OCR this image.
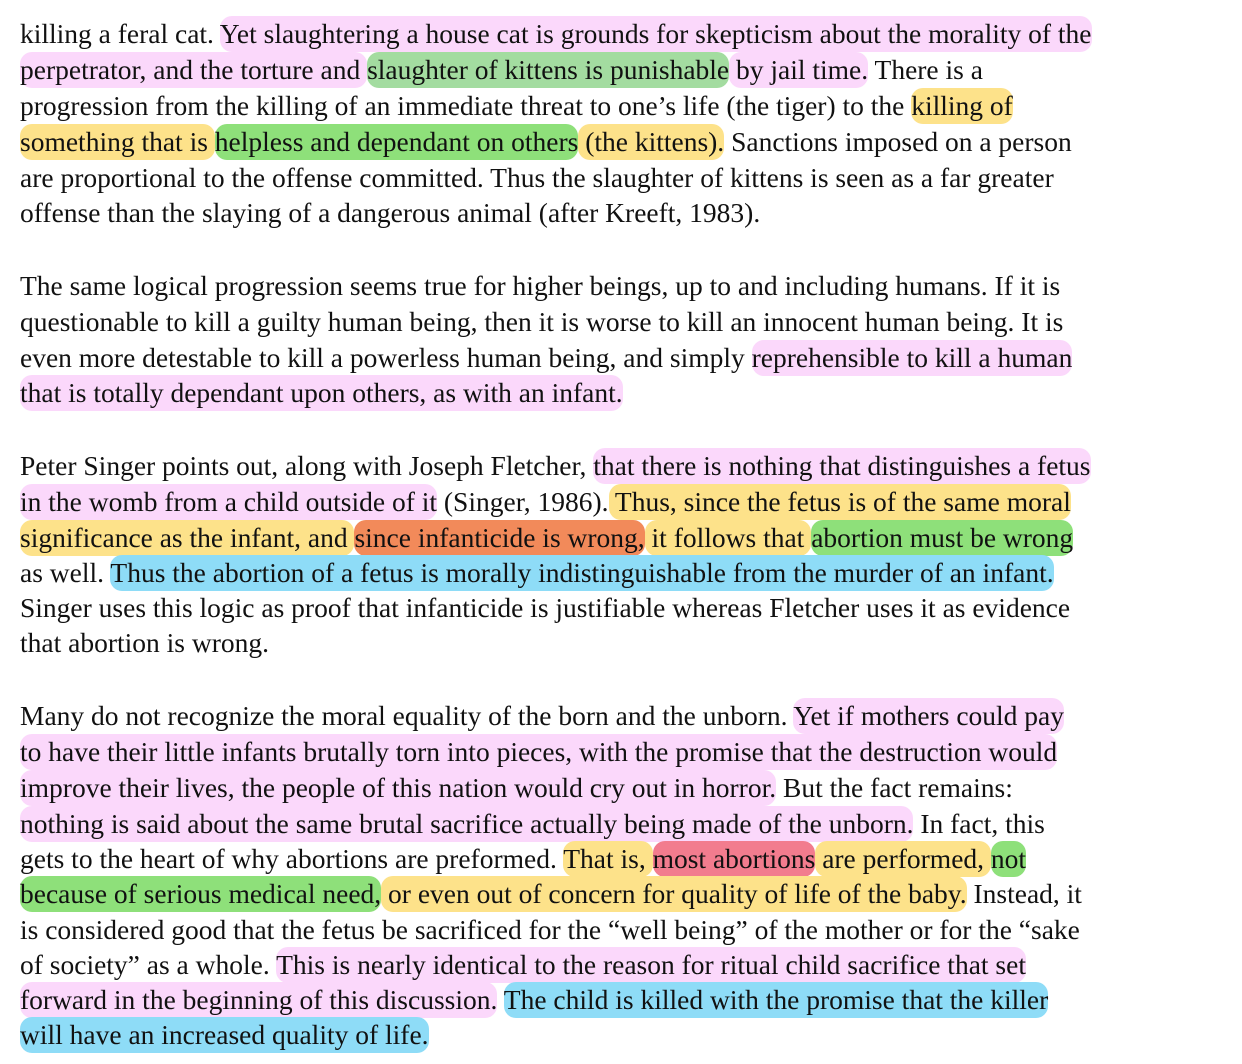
killing a feral cat. Yet slaughtering a house cat is grounds for skepticism about the morality of the
perpetrator, and the torture and slaughter of kittens is punishable by jail time. There is a
progression from the killing of an immediate threat to one’s life (the tiger) to the killing of
something that is helpless and dependant on others (the kittens). Sanctions imposed on a person
are proportional to the offense committed. Thus the slaughter of kittens is seen as a far greater
offense than the slaying of a dangerous animal (after Kreeft, 1983).
The same logical progression seems true for higher beings, up to and including humans. If it is
questionable to kill a guilty human being, then it is worse to kill an innocent human being. It is
even more detestable to kill a powerless human being, and simply reprehensible to kill a human
that is totally dependant upon others, as with an infant.
Peter Singer points out, along with Joseph Fletcher, that there is nothing that distinguishes a fetus
in the womb from a child outside of it (Singer, 1986). Thus, since the fetus is of the same moral
significance as the infant, and since infanticide is wrong, it follows that abortion must be wrong
as well. Thus the abortion of a fetus is morally indistinguishable from the murder of an infant.
Singer uses this logic as proof that infanticide is justifiable whereas Fletcher uses it as evidence
that abortion is wrong.
Many do not recognize the moral equality of the born and the unborn. Yet if mothers could pay
to have their little infants brutally torn into pieces, with the promise that the destruction would
improve their lives, the people of this nation would cry out in horror. But the fact remains:
nothing is said about the same brutal sacrifice actually being made of the unborn. In fact, this
gets to the heart of why abortions are preformed. That is, most abortions are performed, not
because of serious medical need, or even out of concern for quality of life of the baby. Instead, it
is considered good that the fetus be sacrificed for the “well being” of the mother or for the “sake
of society” as a whole. This is nearly identical to the reason for ritual child sacrifice that set
forward in the beginning of this discussion. The child is killed with the promise that the killer
will have an increased quality of life.
